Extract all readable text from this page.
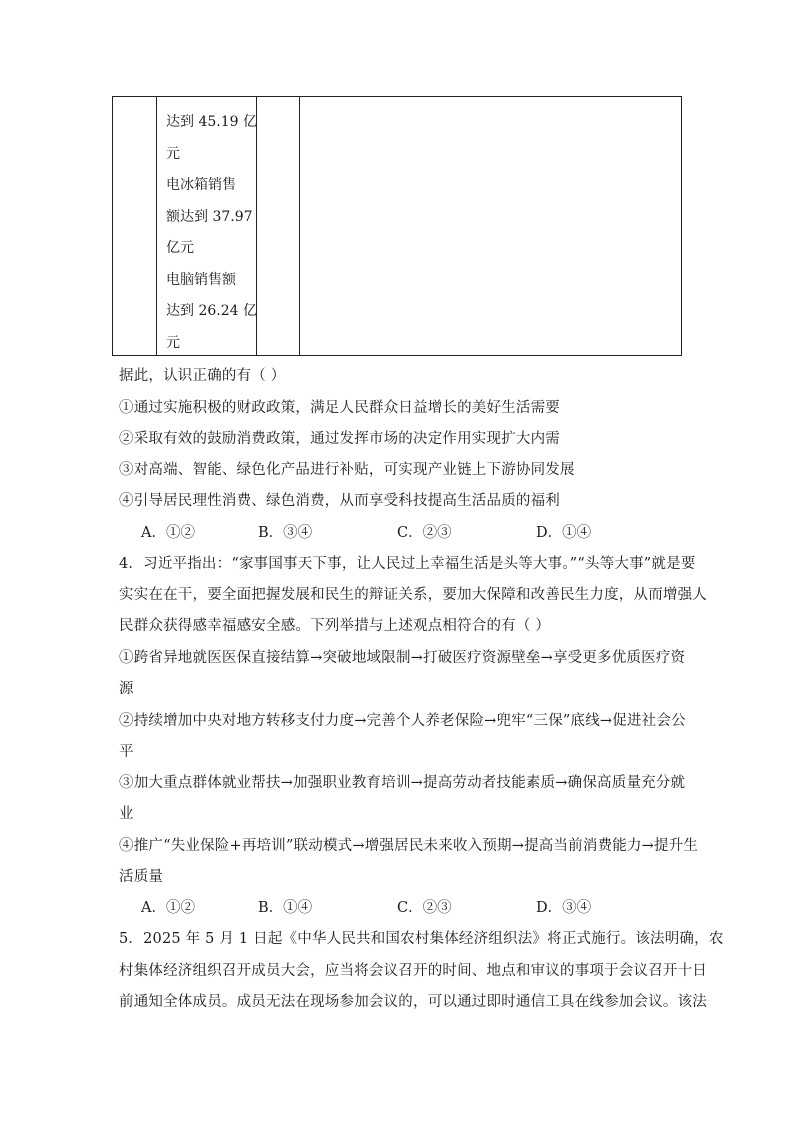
达到 45.19 亿
元
电冰箱销售
额达到 37.97
亿元
电脑销售额
达到 26.24 亿
元
据此，认识正确的有（ ）
①通过实施积极的财政政策，满足人民群众日益增长的美好生活需要
②采取有效的鼓励消费政策，通过发挥市场的决定作用实现扩大内需
③对高端、智能、绿色化产品进行补贴，可实现产业链上下游协同发展
④引导居民理性消费、绿色消费，从而享受科技提高生活品质的福利
A．①②	B．③④	C．②③	D．①④
4．习近平指出：“家事国事天下事，让人民过上幸福生活是头等大事。”“头等大事”就是要
实实在在干，要全面把握发展和民生的辩证关系，要加大保障和改善民生力度，从而增强人
民群众获得感幸福感安全感。下列举措与上述观点相符合的有（ ）
①跨省异地就医医保直接结算→突破地域限制→打破医疗资源壁垒→享受更多优质医疗资
源
②持续增加中央对地方转移支付力度→完善个人养老保险→兜牢“三保”底线→促进社会公
平
③加大重点群体就业帮扶→加强职业教育培训→提高劳动者技能素质→确保高质量充分就
业
④推广“失业保险+再培训”联动模式→增强居民未来收入预期→提高当前消费能力→提升生
活质量
A．①②	B．①④	C．②③	D．③④
5．2025 年 5 月 1 日起《中华人民共和国农村集体经济组织法》将正式施行。该法明确，农
村集体经济组织召开成员大会，应当将会议召开的时间、地点和审议的事项于会议召开十日
前通知全体成员。成员无法在现场参加会议的，可以通过即时通信工具在线参加会议。该法
